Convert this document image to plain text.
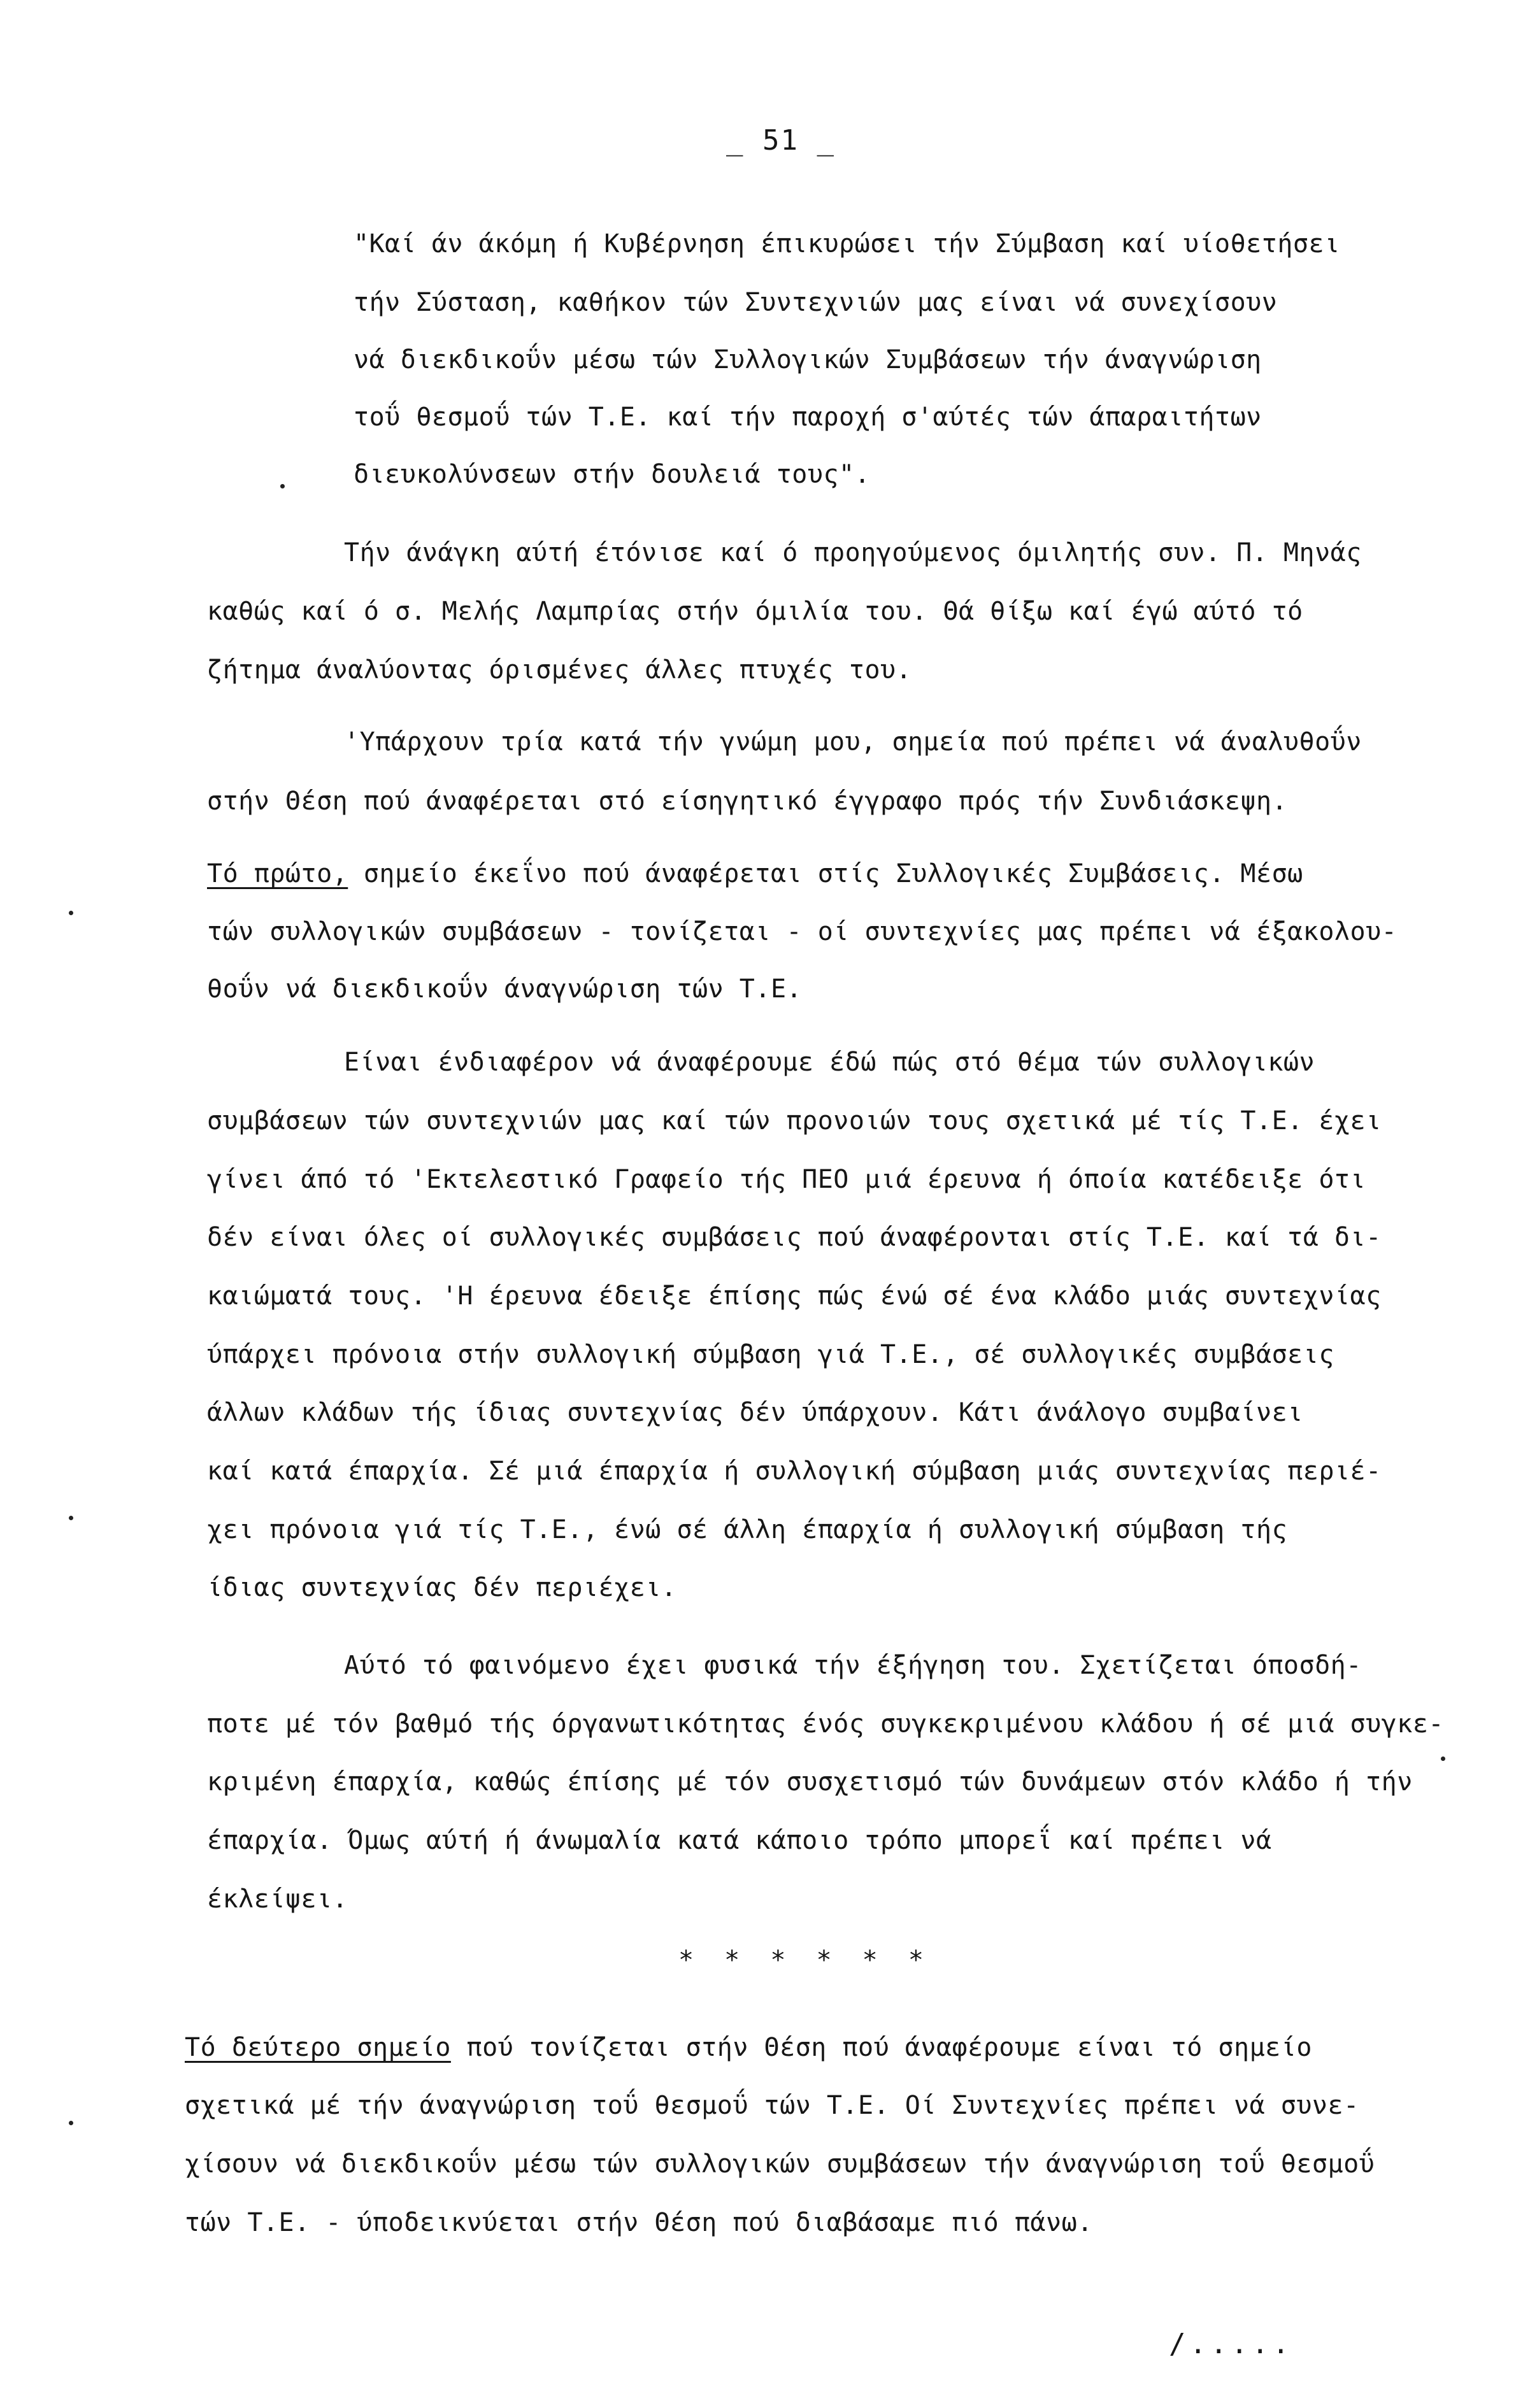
_ 51 _
"Καί άν άκόμη ή Κυβέρνηση έπικυρώσει τήν Σύμβαση καί υίοθετήσει
τήν Σύσταση, καθήκον τών Συντεχνιών μας είναι νά συνεχίσουν
νά διεκδικοΰν μέσω τών Συλλογικών Συμβάσεων τήν άναγνώριση
τοΰ θεσμοΰ τών Τ.Ε. καί τήν παροχή σ'αύτές τών άπαραιτήτων
διευκολύνσεων στήν δουλειά τους".
Τήν άνάγκη αύτή έτόνισε καί ό προηγούμενος όμιλητής συν. Π. Μηνάς
καθώς καί ό σ. Μελής Λαμπρίας στήν όμιλία του. Θά θίξω καί έγώ αύτό τό
ζήτημα άναλύοντας όρισμένες άλλες πτυχές του.
'Υπάρχουν τρία κατά τήν γνώμη μου, σημεία πού πρέπει νά άναλυθοΰν
στήν Θέση πού άναφέρεται στό είσηγητικό έγγραφο πρός τήν Συνδιάσκεψη.
Τό πρώτο, σημείο έκεΐνο πού άναφέρεται στίς Συλλογικές Συμβάσεις. Μέσω
τών συλλογικών συμβάσεων - τονίζεται - οί συντεχνίες μας πρέπει νά έξακολου-
θοΰν νά διεκδικοΰν άναγνώριση τών Τ.Ε.
Είναι ένδιαφέρον νά άναφέρουμε έδώ πώς στό θέμα τών συλλογικών
συμβάσεων τών συντεχνιών μας καί τών προνοιών τους σχετικά μέ τίς Τ.Ε. έχει
γίνει άπό τό 'Εκτελεστικό Γραφείο τής ΠΕΟ μιά έρευνα ή όποία κατέδειξε ότι
δέν είναι όλες οί συλλογικές συμβάσεις πού άναφέρονται στίς Τ.Ε. καί τά δι-
καιώματά τους. 'Η έρευνα έδειξε έπίσης πώς ένώ σέ ένα κλάδο μιάς συντεχνίας
ύπάρχει πρόνοια στήν συλλογική σύμβαση γιά Τ.Ε., σέ συλλογικές συμβάσεις
άλλων κλάδων τής ίδιας συντεχνίας δέν ύπάρχουν. Κάτι άνάλογο συμβαίνει
καί κατά έπαρχία. Σέ μιά έπαρχία ή συλλογική σύμβαση μιάς συντεχνίας περιέ-
χει πρόνοια γιά τίς Τ.Ε., ένώ σέ άλλη έπαρχία ή συλλογική σύμβαση τής
ίδιας συντεχνίας δέν περιέχει.
Αύτό τό φαινόμενο έχει φυσικά τήν έξήγηση του. Σχετίζεται όποσδή-
ποτε μέ τόν βαθμό τής όργανωτικότητας ένός συγκεκριμένου κλάδου ή σέ μιά συγκε-
κριμένη έπαρχία, καθώς έπίσης μέ τόν συσχετισμό τών δυνάμεων στόν κλάδο ή τήν
έπαρχία. Όμως αύτή ή άνωμαλία κατά κάποιο τρόπο μπορεΐ καί πρέπει νά
έκλείψει.
* * * * * *
Τό δεύτερο σημείο πού τονίζεται στήν Θέση πού άναφέρουμε είναι τό σημείο
σχετικά μέ τήν άναγνώριση τοΰ θεσμοΰ τών Τ.Ε. Οί Συντεχνίες πρέπει νά συνε-
χίσουν νά διεκδικοΰν μέσω τών συλλογικών συμβάσεων τήν άναγνώριση τοΰ θεσμοΰ
τών Τ.Ε. - ύποδεικνύεται στήν Θέση πού διαβάσαμε πιό πάνω.
/.....
